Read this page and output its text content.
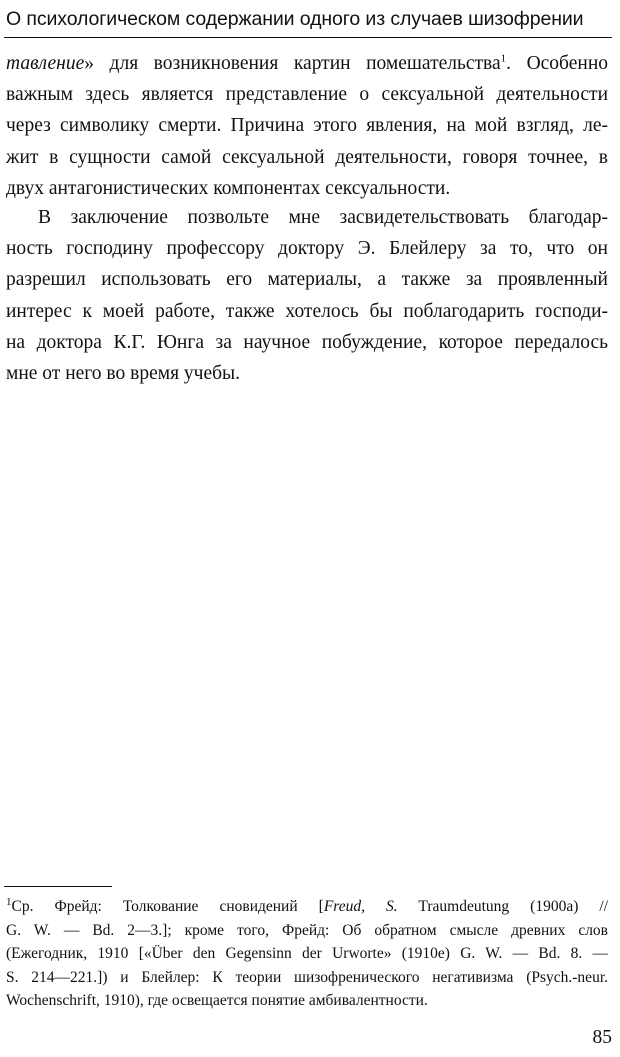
О психологическом содержании одного из случаев шизофрении

тавление» для возникновения картин помешательства$^1$. Особенно
важным здесь является представление о сексуальной деятельности
через символику смерти. Причина этого явления, на мой взгляд, ле-
жит в сущности самой сексуальной деятельности, говоря точнее, в
двух антагонистических компонентах сексуальности.

В заключение позвольте мне засвидетельствовать благодар-
ность господину профессору доктору Э. Блейлеру за то, что он
разрешил использовать его материалы, а также за проявленный
интерес к моей работе, также хотелось бы поблагодарить господи-
на доктора К.Г. Юнга за научное побуждение, которое передалось
мне от него во время учебы.

$^1$Ср. Фрейд: Толкование сновидений [Freud, S. Traumdeutung (1900a) //
G. W. — Bd. 2—3.]; кроме того, Фрейд: Об обратном смысле древних слов
(Ежегодник, 1910 [«Über den Gegensinn der Urworte» (1910e) G. W. — Bd. 8. —
S. 214—221.]) и Блейлер: К теории шизофренического негативизма (Psych.-neur.
Wochenschrift, 1910), где освещается понятие амбивалентности.

85
